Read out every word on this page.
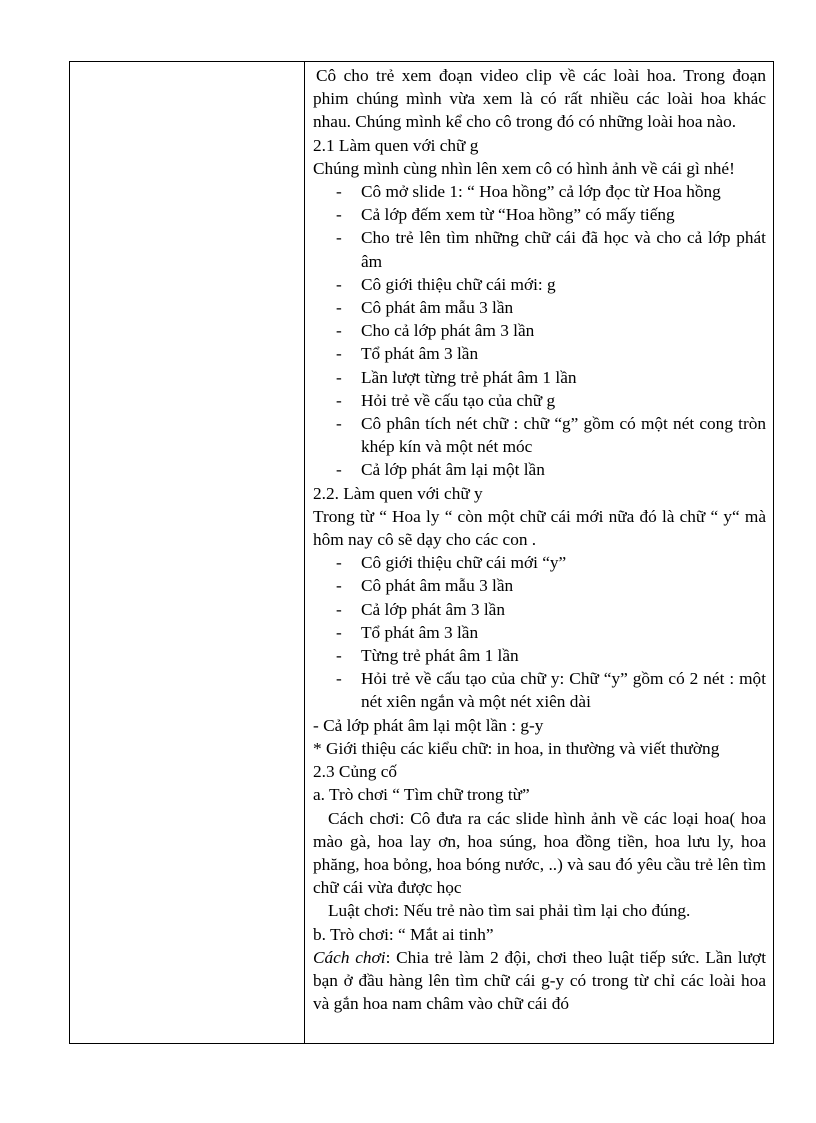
Cô cho trẻ xem đoạn video clip về các loài hoa. Trong đoạn phim chúng mình vừa xem là có rất nhiều các loài hoa khác nhau. Chúng mình kể cho cô trong đó có những loài hoa nào.

2.1 Làm quen với chữ g

Chúng mình cùng nhìn lên xem cô có hình ảnh về cái gì nhé!

- Cô mở slide 1: “ Hoa hồng” cả lớp đọc từ Hoa hồng
- Cả lớp đếm xem từ “Hoa hồng” có mấy tiếng
- Cho trẻ lên tìm những chữ cái đã học và cho cả lớp phát âm
- Cô giới thiệu chữ cái mới: g
- Cô phát âm mẫu 3 lần
- Cho cả lớp phát âm 3 lần
- Tổ phát âm 3 lần
- Lần lượt từng trẻ phát âm 1 lần
- Hỏi trẻ về cấu tạo của chữ g
- Cô phân tích nét chữ : chữ “g” gồm có một nét cong tròn khép kín và một nét móc
- Cả lớp phát âm lại một lần

2.2. Làm quen với chữ y

Trong từ “ Hoa ly “ còn một chữ cái mới nữa đó là chữ “ y“ mà hôm nay cô sẽ dạy cho các con .

- Cô giới thiệu chữ cái mới “y”
- Cô phát âm mẫu 3 lần
- Cả lớp phát âm 3 lần
- Tổ phát âm 3 lần
- Từng trẻ phát âm 1 lần
- Hỏi trẻ về cấu tạo của chữ y: Chữ “y” gồm có 2 nét : một nét xiên ngắn và một nét xiên dài

- Cả lớp phát âm lại một lần : g-y

* Giới thiệu các kiểu chữ: in hoa, in thường và viết thường

2.3 Củng cố

a. Trò chơi “ Tìm chữ trong từ”

Cách chơi: Cô đưa ra các slide hình ảnh về các loại hoa( hoa mào gà, hoa lay ơn, hoa súng, hoa đồng tiền, hoa lưu ly, hoa phăng, hoa bỏng, hoa bóng nước, ..) và sau đó yêu cầu trẻ lên tìm chữ cái vừa được học

Luật chơi: Nếu trẻ nào tìm sai phải tìm lại cho đúng.

b. Trò chơi: “ Mắt ai tinh”

Cách chơi: Chia trẻ làm 2 đội, chơi theo luật tiếp sức. Lần lượt bạn ở đầu hàng lên tìm chữ cái g-y có trong từ chỉ các loài hoa và gắn hoa nam châm vào chữ cái đó
